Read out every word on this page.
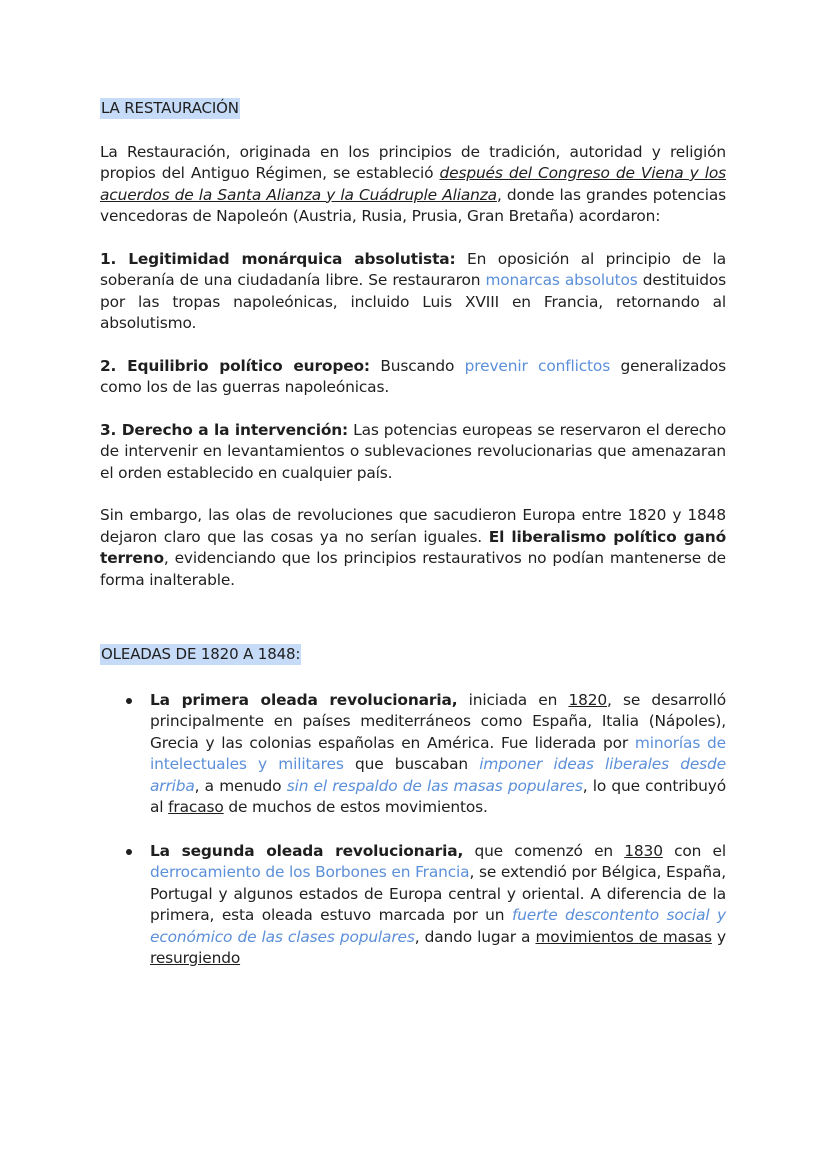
LA RESTAURACIÓN

La Restauración, originada en los principios de tradición, autoridad y religión propios del Antiguo Régimen, se estableció después del Congreso de Viena y los acuerdos de la Santa Alianza y la Cuádruple Alianza, donde las grandes potencias vencedoras de Napoleón (Austria, Rusia, Prusia, Gran Bretaña) acordaron:

1. Legitimidad monárquica absolutista: En oposición al principio de la soberanía de una ciudadanía libre. Se restauraron monarcas absolutos destituidos por las tropas napoleónicas, incluido Luis XVIII en Francia, retornando al absolutismo.

2. Equilibrio político europeo: Buscando prevenir conflictos generalizados como los de las guerras napoleónicas.

3. Derecho a la intervención: Las potencias europeas se reservaron el derecho de intervenir en levantamientos o sublevaciones revolucionarias que amenazaran el orden establecido en cualquier país.

Sin embargo, las olas de revoluciones que sacudieron Europa entre 1820 y 1848 dejaron claro que las cosas ya no serían iguales. El liberalismo político ganó terreno, evidenciando que los principios restaurativos no podían mantenerse de forma inalterable.

OLEADAS DE 1820 A 1848:
La primera oleada revolucionaria, iniciada en 1820, se desarrolló principalmente en países mediterráneos como España, Italia (Nápoles), Grecia y las colonias españolas en América. Fue liderada por minorías de intelectuales y militares que buscaban imponer ideas liberales desde arriba, a menudo sin el respaldo de las masas populares, lo que contribuyó al fracaso de muchos de estos movimientos.
La segunda oleada revolucionaria, que comenzó en 1830 con el derrocamiento de los Borbones en Francia, se extendió por Bélgica, España, Portugal y algunos estados de Europa central y oriental. A diferencia de la primera, esta oleada estuvo marcada por un fuerte descontento social y económico de las clases populares, dando lugar a movimientos de masas y resurgiendo
